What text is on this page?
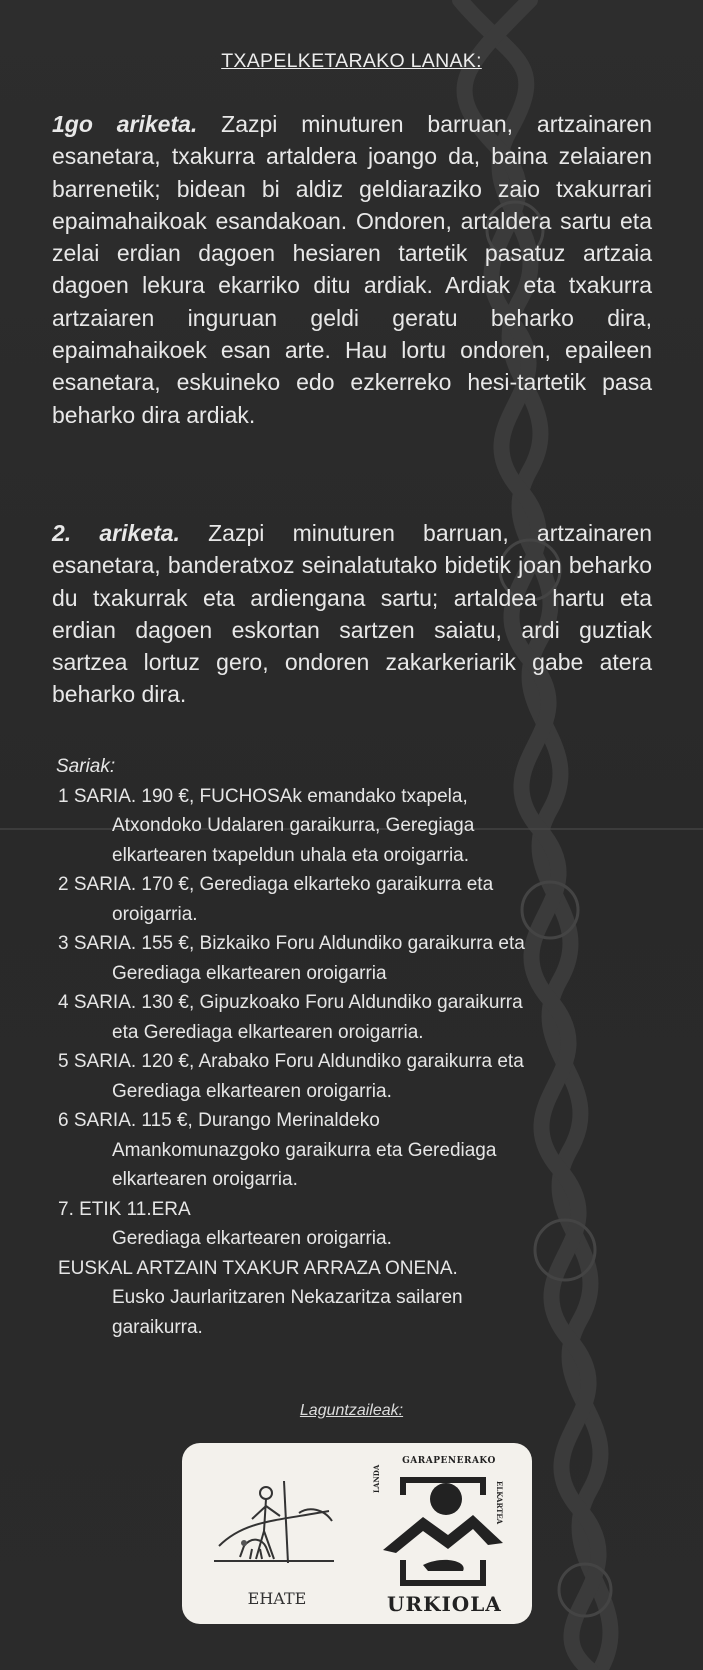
TXAPELKETARAKO LANAK:
1go ariketa. Zazpi minuturen barruan, artzainaren esanetara, txakurra artaldera joango da, baina zelaiaren barrenetik; bidean bi aldiz geldiaraziko zaio txakurrari epaimahaikoak esandakoan. Ondoren, artaldera sartu eta zelai erdian dagoen hesiaren tartetik pasatuz artzaia dagoen lekura ekarriko ditu ardiak. Ardiak eta txakurra artzaiaren inguruan geldi geratu beharko dira, epaimahaikoek esan arte. Hau lortu ondoren, epaileen esanetara, eskuineko edo ezkerreko hesi-tartetik pasa beharko dira ardiak.
2. ariketa. Zazpi minuturen barruan, artzainaren esanetara, banderatxoz seinalatutako bidetik joan beharko du txakurrak eta ardiengana sartu; artaldea hartu eta erdian dagoen eskortan sartzen saiatu, ardi guztiak sartzea lortuz gero, ondoren zakarkeriarik gabe atera beharko dira.
Sariak:
1 SARIA. 190 €, FUCHOSAk emandako txapela,
Atxondoko Udalaren garaikurra, Geregiaga
elkartearen txapeldun uhala eta oroigarria.
2 SARIA. 170 €, Gerediaga elkarteko garaikurra eta
oroigarria.
3 SARIA. 155 €, Bizkaiko Foru Aldundiko garaikurra eta
Gerediaga elkartearen oroigarria
4 SARIA. 130 €, Gipuzkoako Foru Aldundiko garaikurra
eta Gerediaga elkartearen oroigarria.
5 SARIA. 120 €, Arabako Foru Aldundiko garaikurra eta
Gerediaga elkartearen oroigarria.
6 SARIA. 115 €, Durango Merinaldeko
Amankomunazgoko garaikurra eta Gerediaga
elkartearen oroigarria.
7. ETIK 11.ERA
Gerediaga elkartearen oroigarria.
EUSKAL ARTZAIN TXAKUR ARRAZA ONENA.
Eusko Jaurlaritzaren Nekazaritza sailaren
garaikurra.
Laguntzaileak:
EHATE
GARAPENERAKO
LANDA
ELKARTEA
URKIOLA
